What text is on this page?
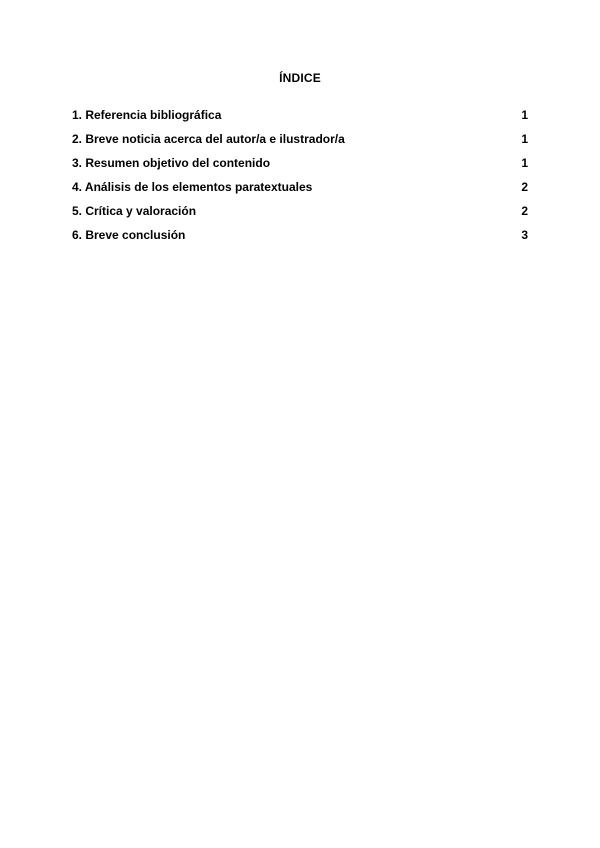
ÍNDICE
1. Referencia bibliográfica	1
2. Breve noticia acerca del autor/a e ilustrador/a	1
3. Resumen objetivo del contenido	1
4. Análisis de los elementos paratextuales	2
5. Crítica y valoración	2
6. Breve conclusión	3
